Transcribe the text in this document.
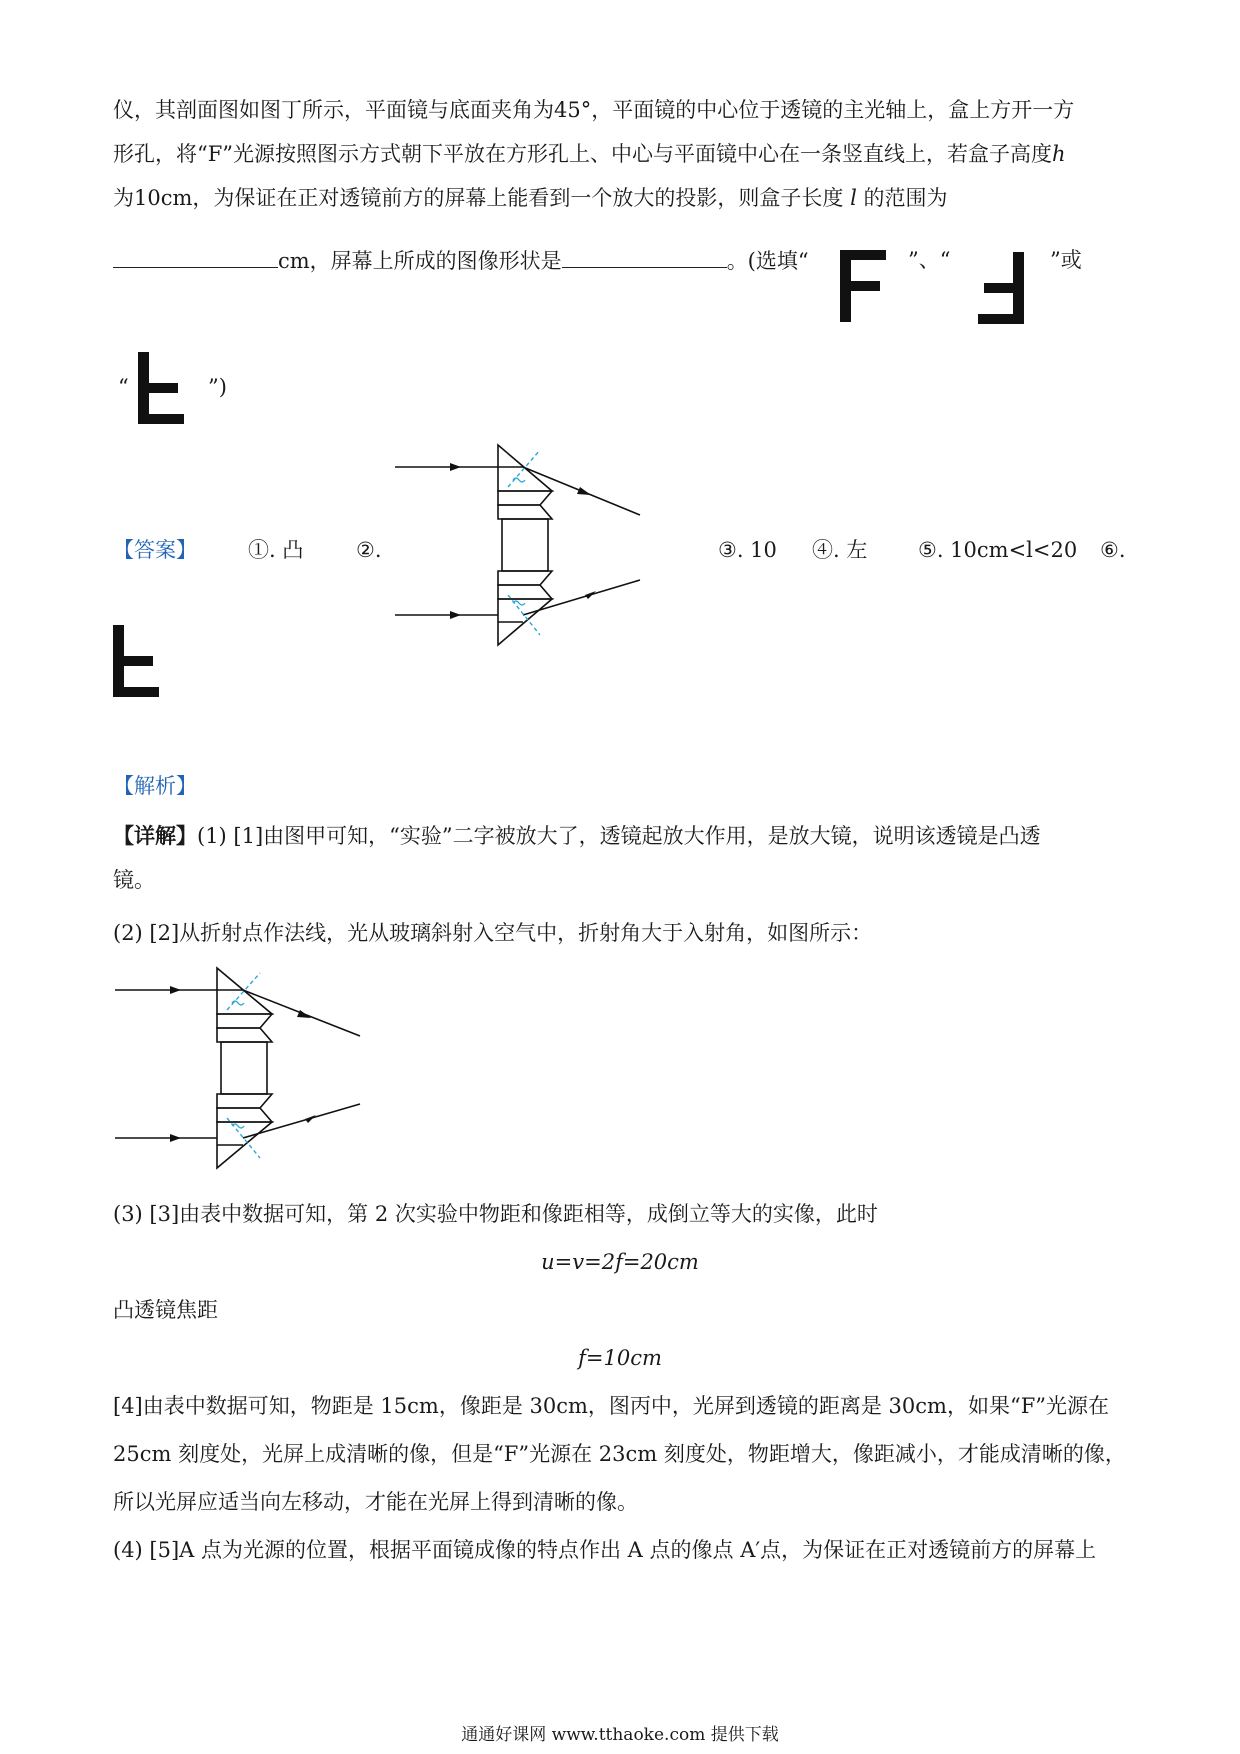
仪，其剖面图如图丁所示，平面镜与底面夹角为45°，平面镜的中心位于透镜的主光轴上，盒上方开一方
形孔，将“F”光源按照图示方式朝下平放在方形孔上、中心与平面镜中心在一条竖直线上，若盒子高度h
为10cm，为保证在正对透镜前方的屏幕上能看到一个放大的投影，则盒子长度 l 的范围为
cm，屏幕上所成的图像形状是	。(选填“	”、“	”或
“	”)
【答案】 ①. 凸	②.	③. 10 ④. 左 ⑤. 10cm<l<20 ⑥.
【解析】
【详解】(1) [1]由图甲可知，“实验”二字被放大了，透镜起放大作用，是放大镜，说明该透镜是凸透
镜。
(2) [2]从折射点作法线，光从玻璃斜射入空气中，折射角大于入射角，如图所示：
(3) [3]由表中数据可知，第 2 次实验中物距和像距相等，成倒立等大的实像，此时
u=v=2f=20cm
凸透镜焦距
f=10cm
[4]由表中数据可知，物距是 15cm，像距是 30cm，图丙中，光屏到透镜的距离是 30cm，如果“F”光源在
25cm 刻度处，光屏上成清晰的像，但是“F”光源在 23cm 刻度处，物距增大，像距减小，才能成清晰的像，
所以光屏应适当向左移动，才能在光屏上得到清晰的像。
(4) [5]A 点为光源的位置，根据平面镜成像的特点作出 A 点的像点 A′点，为保证在正对透镜前方的屏幕上
通通好课网 www.tthaoke.com 提供下载
